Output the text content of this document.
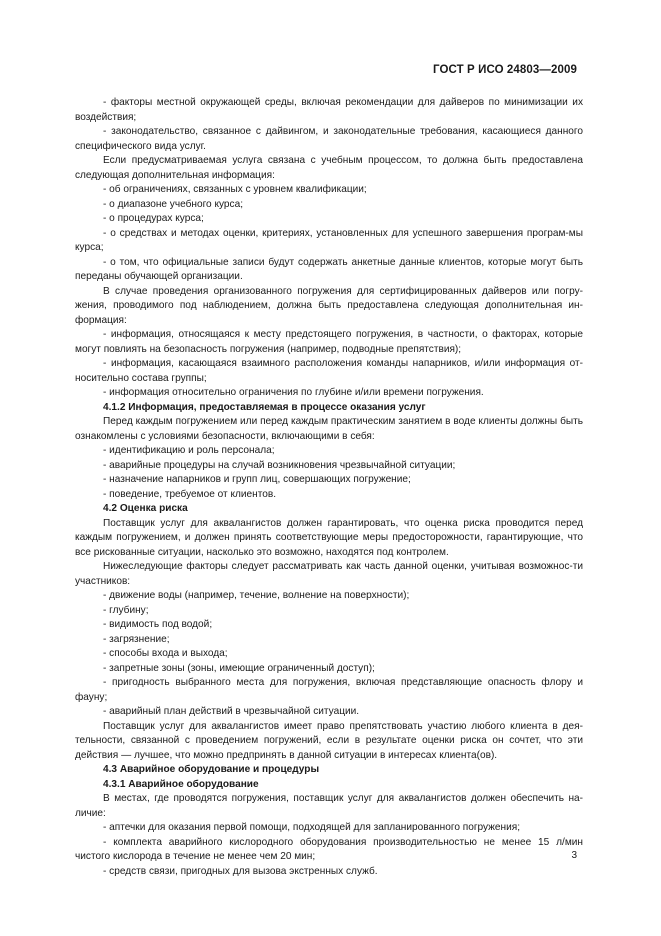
ГОСТ Р ИСО 24803—2009

- факторы местной окружающей среды, включая рекомендации для дайверов по минимизации их воздействия;

- законодательство, связанное с дайвингом, и законодательные требования, касающиеся данного специфического вида услуг.

Если предусматриваемая услуга связана с учебным процессом, то должна быть предоставлена следующая дополнительная информация:

- об ограничениях, связанных с уровнем квалификации;

- о диапазоне учебного курса;

- о процедурах курса;

- о средствах и методах оценки, критериях, установленных для успешного завершения програм-мы курса;

- о том, что официальные записи будут содержать анкетные данные клиентов, которые могут быть переданы обучающей организации.

В случае проведения организованного погружения для сертифицированных дайверов или погру-жения, проводимого под наблюдением, должна быть предоставлена следующая дополнительная ин-формация:

- информация, относящаяся к месту предстоящего погружения, в частности, о факторах, которые могут повлиять на безопасность погружения (например, подводные препятствия);

- информация, касающаяся взаимного расположения команды напарников, и/или информация от-носительно состава группы;

- информация относительно ограничения по глубине и/или времени погружения.

4.1.2 Информация, предоставляемая в процессе оказания услуг

Перед каждым погружением или перед каждым практическим занятием в воде клиенты должны быть ознакомлены с условиями безопасности, включающими в себя:

- идентификацию и роль персонала;

- аварийные процедуры на случай возникновения чрезвычайной ситуации;

- назначение напарников и групп лиц, совершающих погружение;

- поведение, требуемое от клиентов.

4.2 Оценка риска

Поставщик услуг для аквалангистов должен гарантировать, что оценка риска проводится перед каждым погружением, и должен принять соответствующие меры предосторожности, гарантирующие, что все рискованные ситуации, насколько это возможно, находятся под контролем.

Нижеследующие факторы следует рассматривать как часть данной оценки, учитывая возможнос-ти участников:

- движение воды (например, течение, волнение на поверхности);

- глубину;

- видимость под водой;

- загрязнение;

- способы входа и выхода;

- запретные зоны (зоны, имеющие ограниченный доступ);

- пригодность выбранного места для погружения, включая представляющие опасность флору и фауну;

- аварийный план действий в чрезвычайной ситуации.

Поставщик услуг для аквалангистов имеет право препятствовать участию любого клиента в дея-тельности, связанной с проведением погружений, если в результате оценки риска он сочтет, что эти действия — лучшее, что можно предпринять в данной ситуации в интересах клиента(ов).

4.3 Аварийное оборудование и процедуры

4.3.1 Аварийное оборудование

В местах, где проводятся погружения, поставщик услуг для аквалангистов должен обеспечить на-личие:

- аптечки для оказания первой помощи, подходящей для запланированного погружения;

- комплекта аварийного кислородного оборудования производительностью не менее 15 л/мин чистого кислорода в течение не менее чем 20 мин;

- средств связи, пригодных для вызова экстренных служб.

3
